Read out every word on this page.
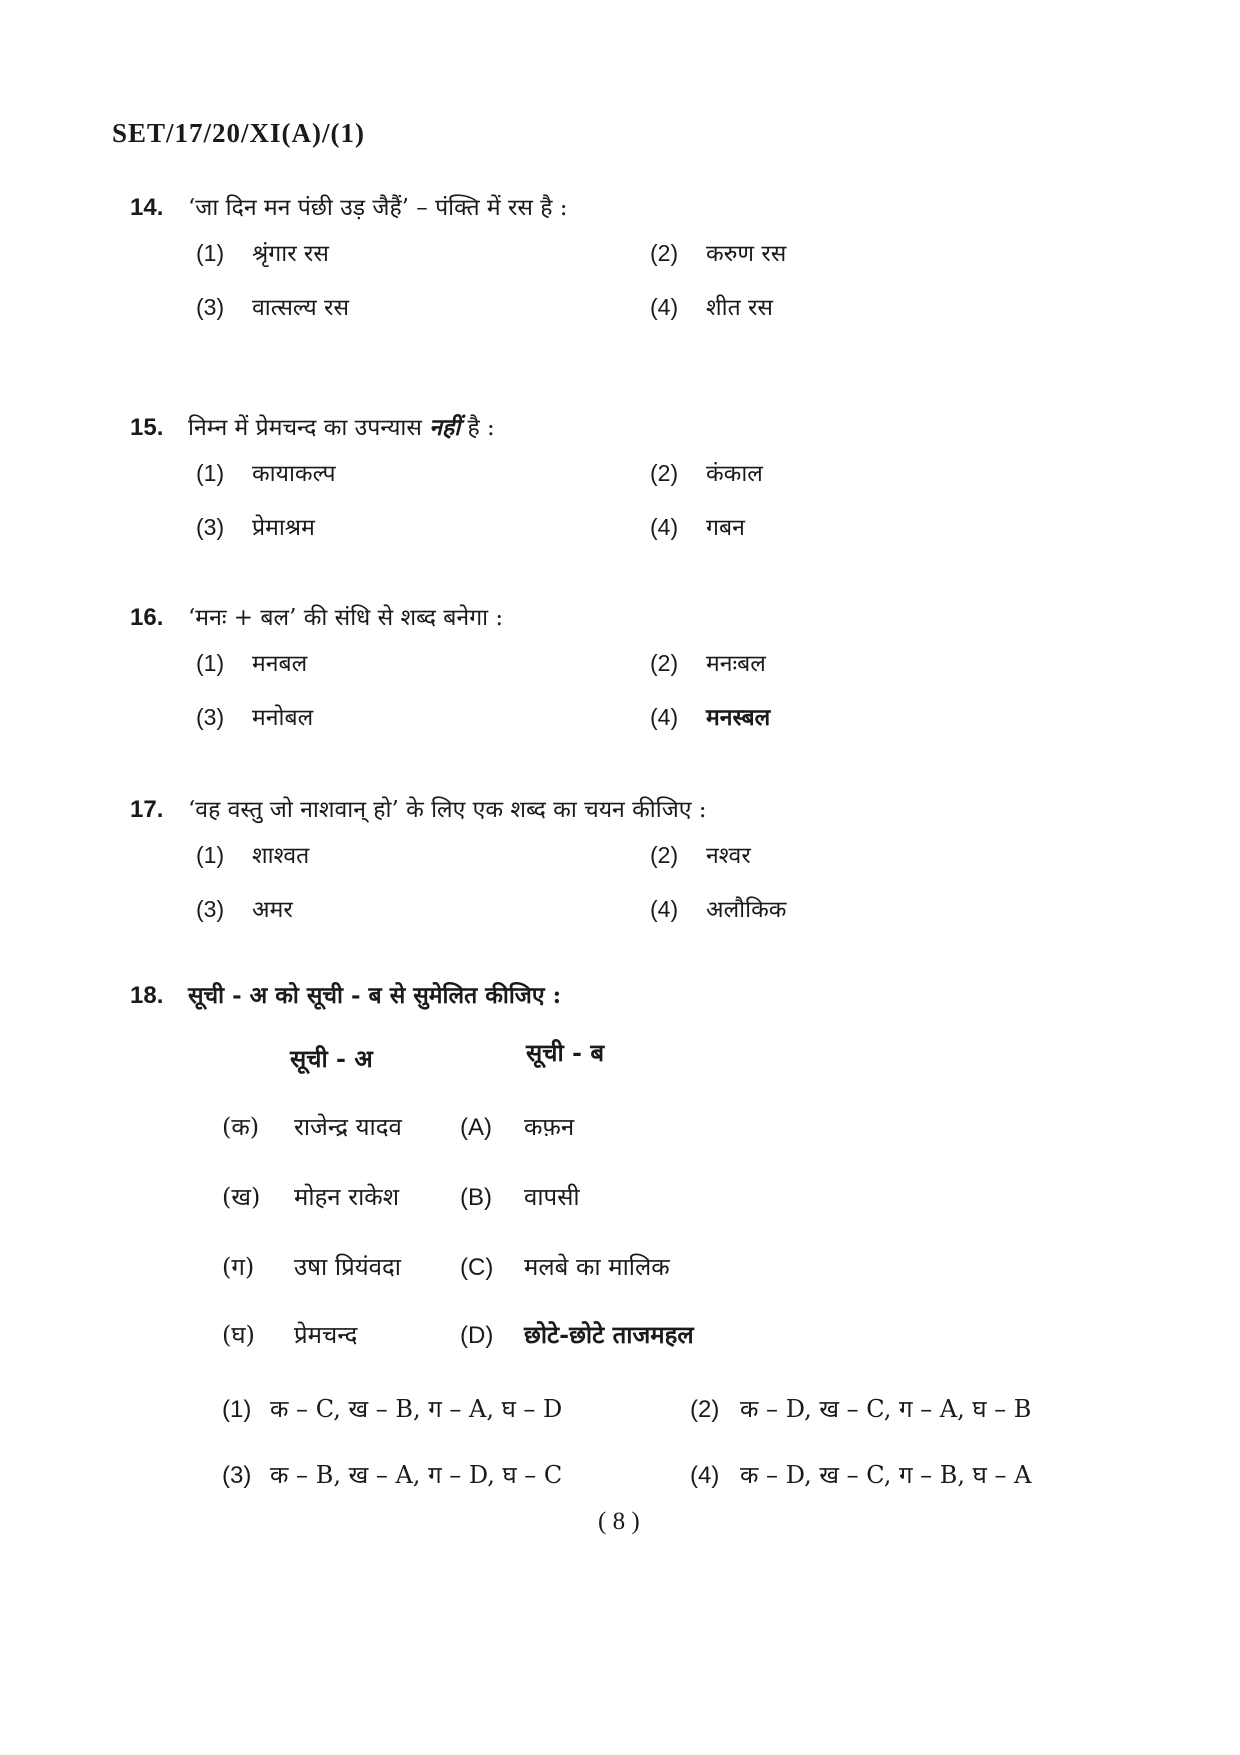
SET/17/20/XI(A)/(1)
14.	‘जा दिन मन पंछी उड़ जैहैं’ – पंक्ति में रस है :
(1)	श्रृंगार रस	(2)	करुण रस
(3)	वात्सल्य रस	(4)	शीत रस
15.	निम्न में प्रेमचन्द का उपन्यास नहीं है :
(1)	कायाकल्प	(2)	कंकाल
(3)	प्रेमाश्रम	(4)	गबन
16.	‘मनः + बल’ की संधि से शब्द बनेगा :
(1)	मनबल	(2)	मनःबल
(3)	मनोबल	(4)	मनस्बल
17.	‘वह वस्तु जो नाशवान् हो’ के लिए एक शब्द का चयन कीजिए :
(1)	शाश्वत	(2)	नश्वर
(3)	अमर	(4)	अलौकिक
18.	सूची - अ को सूची - ब से सुमेलित कीजिए :
सूची - अ	सूची - ब
(क)	राजेन्द्र यादव	(A)	कफ़न
(ख)	मोहन राकेश	(B)	वापसी
(ग)	उषा प्रियंवदा	(C)	मलबे का मालिक
(घ)	प्रेमचन्द	(D)	छोटे-छोटे ताजमहल
(1) क – C, ख – B, ग – A, घ – D	(2) क – D, ख – C, ग – A, घ – B
(3) क – B, ख – A, ग – D, घ – C	(4) क – D, ख – C, ग – B, घ – A
( 8 )
